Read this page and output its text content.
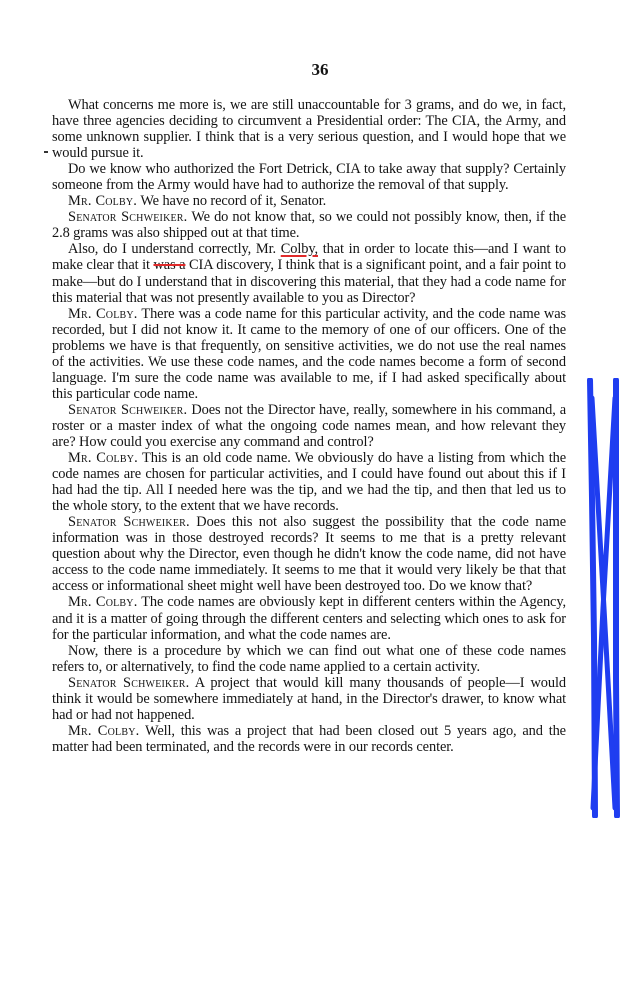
36

What concerns me more is, we are still unaccountable for 3 grams, and do we, in fact, have three agencies deciding to circumvent a Presidential order: The CIA, the Army, and some unknown supplier. I think that is a very serious question, and I would hope that we would pursue it.

Do we know who authorized the Fort Detrick, CIA to take away that supply? Certainly someone from the Army would have had to authorize the removal of that supply.

Mr. Colby. We have no record of it, Senator.

Senator Schweiker. We do not know that, so we could not possibly know, then, if the 2.8 grams was also shipped out at that time.

Also, do I understand correctly, Mr. Colby, that in order to locate this—and I want to make clear that it was a CIA discovery, I think that is a significant point, and a fair point to make—but do I understand that in discovering this material, that they had a code name for this material that was not presently available to you as Director?

Mr. Colby. There was a code name for this particular activity, and the code name was recorded, but I did not know it. It came to the memory of one of our officers. One of the problems we have is that frequently, on sensitive activities, we do not use the real names of the activities. We use these code names, and the code names become a form of second language. I'm sure the code name was available to me, if I had asked specifically about this particular code name.

Senator Schweiker. Does not the Director have, really, somewhere in his command, a roster or a master index of what the ongoing code names mean, and how relevant they are? How could you exercise any command and control?

Mr. Colby. This is an old code name. We obviously do have a listing from which the code names are chosen for particular activities, and I could have found out about this if I had had the tip. All I needed here was the tip, and we had the tip, and then that led us to the whole story, to the extent that we have records.

Senator Schweiker. Does this not also suggest the possibility that the code name information was in those destroyed records? It seems to me that is a pretty relevant question about why the Director, even though he didn't know the code name, did not have access to the code name immediately. It seems to me that it would very likely be that that access or informational sheet might well have been destroyed too. Do we know that?

Mr. Colby. The code names are obviously kept in different centers within the Agency, and it is a matter of going through the different centers and selecting which ones to ask for for the particular information, and what the code names are.

Now, there is a procedure by which we can find out what one of these code names refers to, or alternatively, to find the code name applied to a certain activity.

Senator Schweiker. A project that would kill many thousands of people—I would think it would be somewhere immediately at hand, in the Director's drawer, to know what had or had not happened.

Mr. Colby. Well, this was a project that had been closed out 5 years ago, and the matter had been terminated, and the records were in our records center.
